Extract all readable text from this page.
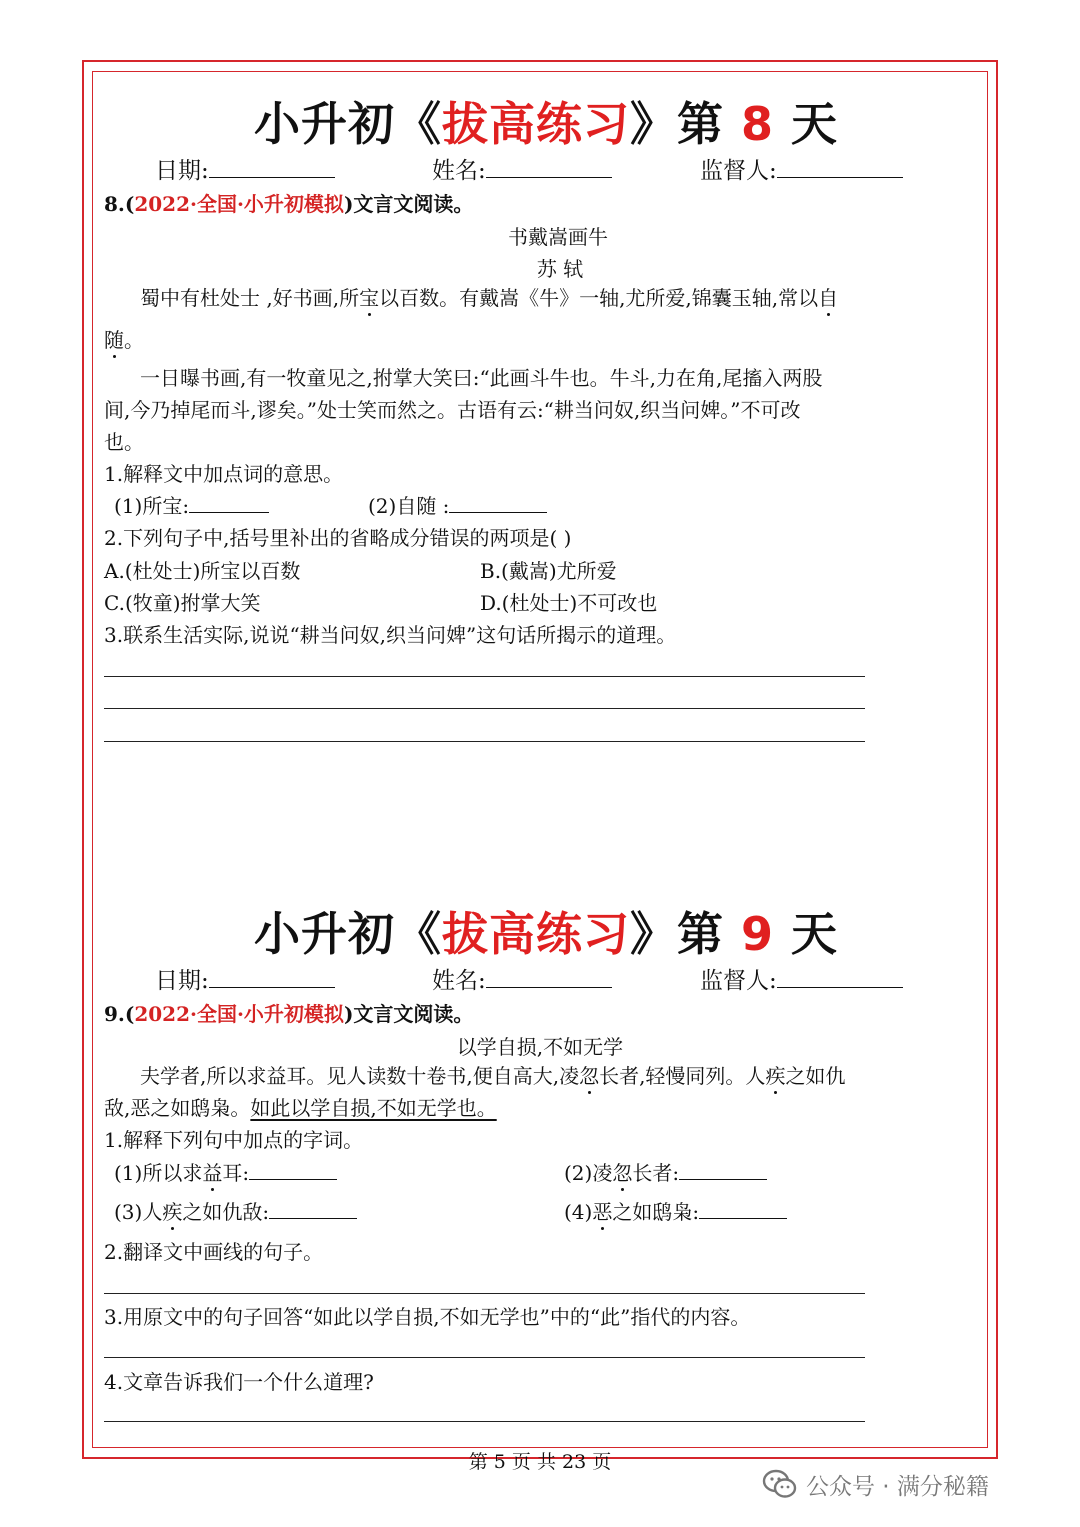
小升初《拔高练习》第 8 天
日期:	姓名:	监督人:
8.(2022·全国·小升初模拟)文言文阅读。
书戴嵩画牛
苏 轼
蜀中有杜处士 ,好书画,所宝以百数。有戴嵩《牛》一轴,尤所爱,锦囊玉轴,常以自
随。
一日曝书画,有一牧童见之,拊掌大笑曰:“此画斗牛也。牛斗,力在角,尾搐入两股
间,今乃掉尾而斗,谬矣。”处士笑而然之。古语有云:“耕当问奴,织当问婢。”不可改
也。
1.解释文中加点词的意思。
(1)所宝:	(2)自随 :
2.下列句子中,括号里补出的省略成分错误的两项是( )
A.(杜处士)所宝以百数	B.(戴嵩)尤所爱
C.(牧童)拊掌大笑	D.(杜处士)不可改也
3.联系生活实际,说说“耕当问奴,织当问婢”这句话所揭示的道理。
小升初《拔高练习》第 9 天
日期:	姓名:	监督人:
9.(2022·全国·小升初模拟)文言文阅读。
以学自损,不如无学
夫学者,所以求益耳。见人读数十卷书,便自高大,凌忽长者,轻慢同列。人疾之如仇
敌,恶之如鸱枭。如此以学自损,不如无学也。
1.解释下列句中加点的字词。
(1)所以求益耳:	(2)凌忽长者:
(3)人疾之如仇敌:	(4)恶之如鸱枭:
2.翻译文中画线的句子。
3.用原文中的句子回答“如此以学自损,不如无学也”中的“此”指代的内容。
4.文章告诉我们一个什么道理?
第 5 页 共 23 页
公众号 · 满分秘籍
